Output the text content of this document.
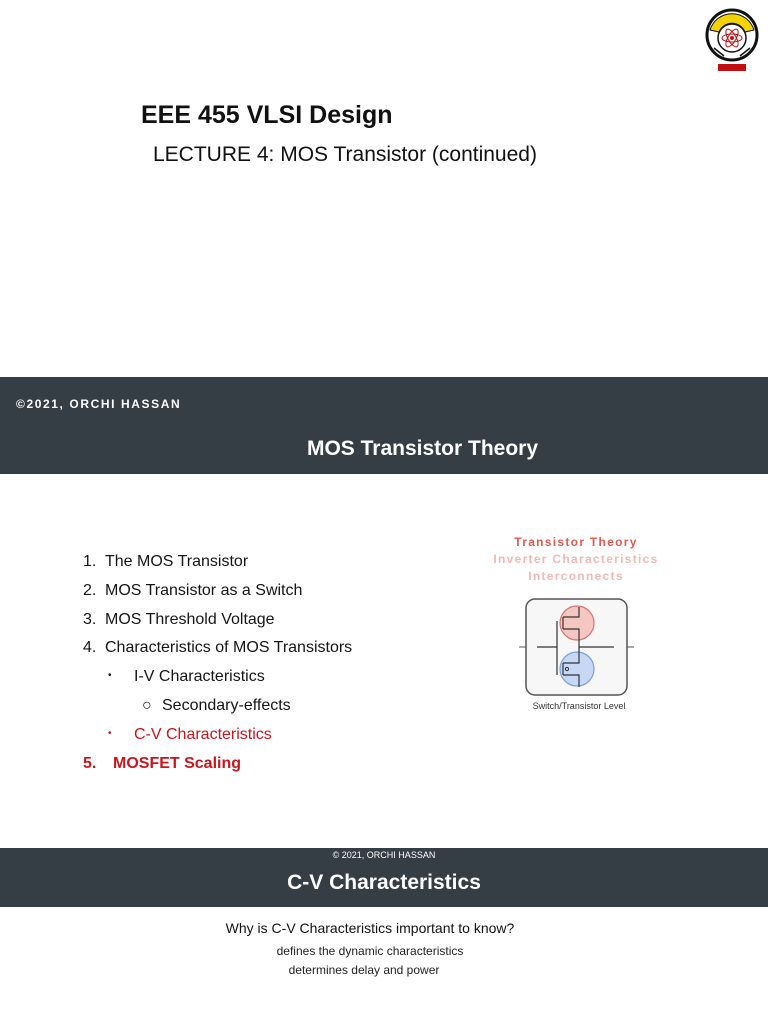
EEE 455 VLSI Design
LECTURE 4: MOS Transistor (continued)
©2021, ORCHI HASSAN
MOS Transistor Theory
1. The MOS Transistor
2. MOS Transistor as a Switch
3. MOS Threshold Voltage
4. Characteristics of MOS Transistors
• I-V Characteristics
○ Secondary-effects
• C-V Characteristics
5. MOSFET Scaling
Transistor Theory
Inverter Characteristics
Interconnects
Switch/Transistor Level
© 2021, ORCHI HASSAN
C-V Characteristics
Why is C-V Characteristics important to know?
defines the dynamic characteristics
determines delay and power
